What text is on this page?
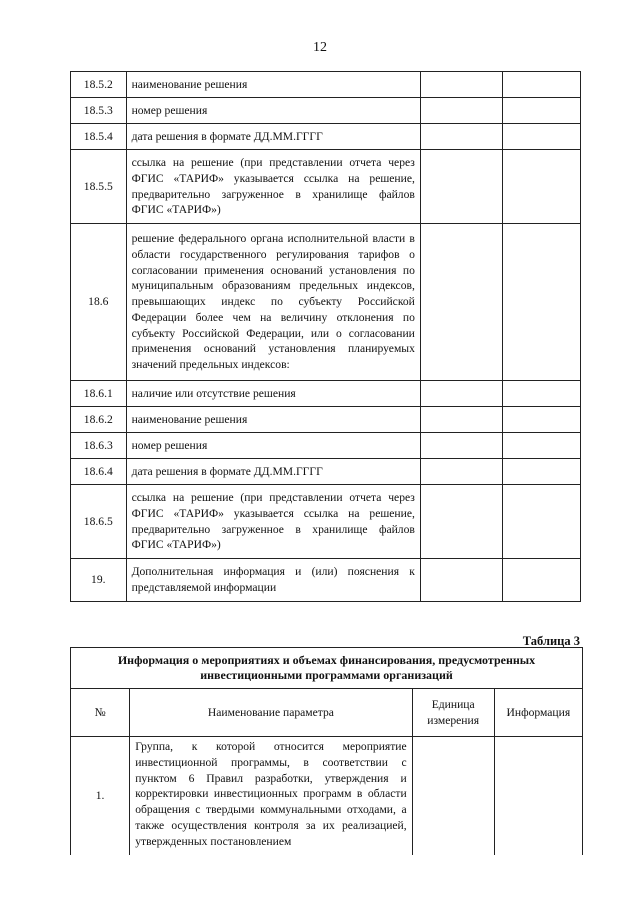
12
18.5.2	наименование решения		
18.5.3	номер решения		
18.5.4	дата решения в формате ДД.ММ.ГГГГ		
18.5.5	ссылка на решение (при представлении отчета через ФГИС «ТАРИФ» указывается ссылка на решение, предварительно загруженное в хранилище файлов ФГИС «ТАРИФ»)		
18.6	решение федерального органа исполнительной власти в области государственного регулирования тарифов о согласовании применения оснований установления по муниципальным образованиям предельных индексов, превышающих индекс по субъекту Российской Федерации более чем на величину отклонения по субъекту Российской Федерации, или о согласовании применения оснований установления планируемых значений предельных индексов:		
18.6.1	наличие или отсутствие решения		
18.6.2	наименование решения		
18.6.3	номер решения		
18.6.4	дата решения в формате ДД.ММ.ГГГГ		
18.6.5	ссылка на решение (при представлении отчета через ФГИС «ТАРИФ» указывается ссылка на решение, предварительно загруженное в хранилище файлов ФГИС «ТАРИФ»)		
19.	Дополнительная информация и (или) пояснения к представляемой информации		
Таблица 3
Информация о мероприятиях и объемах финансирования, предусмотренных инвестиционными программами организаций			
№	Наименование параметра	Единица измерения	Информация
1.	Группа, к которой относится мероприятие инвестиционной программы, в соответствии с пунктом 6 Правил разработки, утверждения и корректировки инвестиционных программ в области обращения с твердыми коммунальными отходами, а также осуществления контроля за их реализацией, утвержденных постановлением		
